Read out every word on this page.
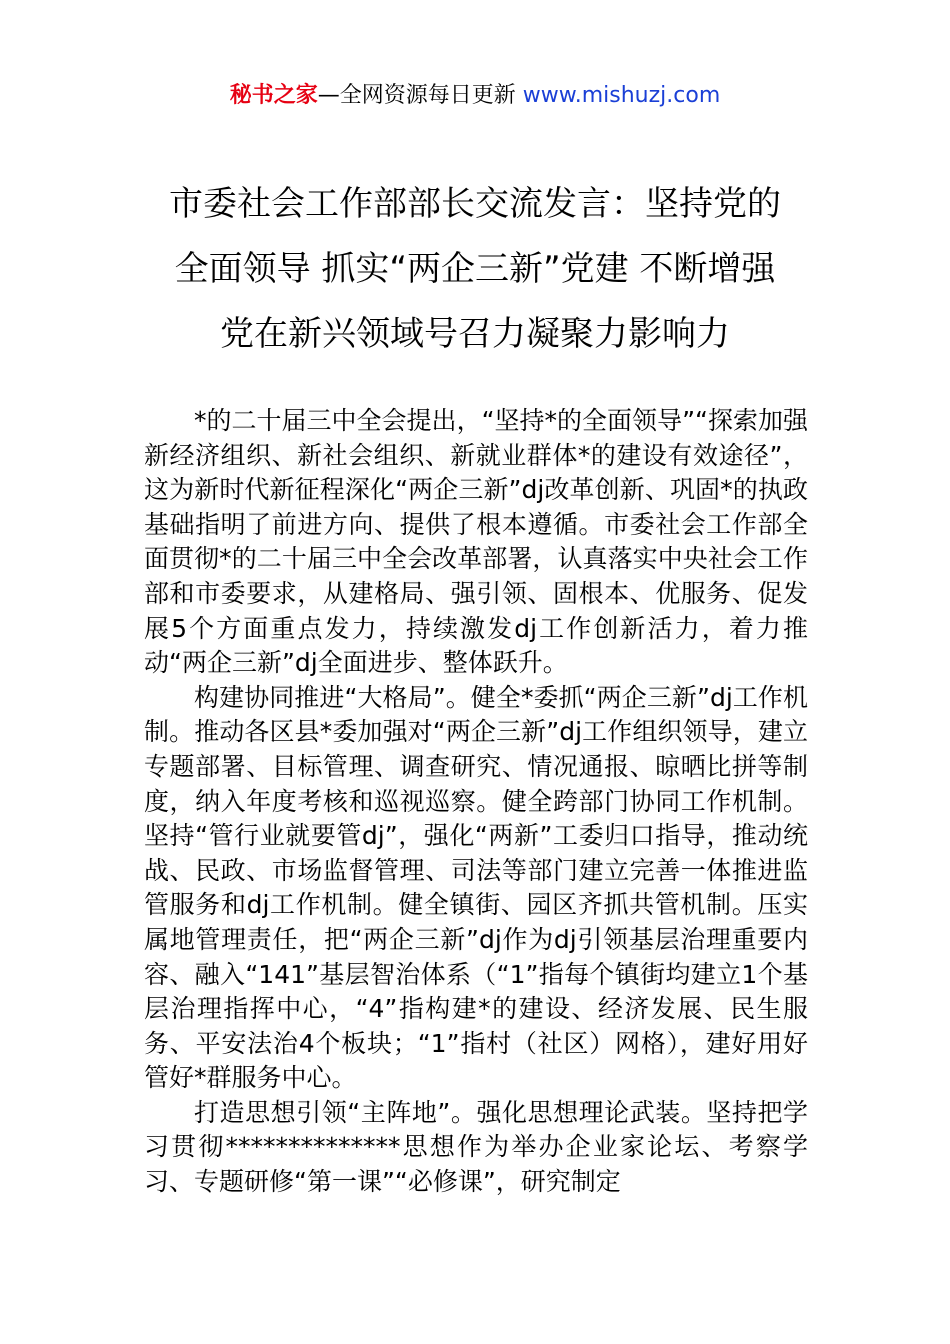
秘书之家—全网资源每日更新 www.mishuzj.com
市委社会工作部部长交流发言：坚持党的
全面领导 抓实“两企三新”党建 不断增强
党在新兴领域号召力凝聚力影响力

*的二十届三中全会提出，“坚持*的全面领导”“探索加强新经济组织、新社会组织、新就业群体*的建设有效途径”，这为新时代新征程深化“两企三新”dj改革创新、巩固*的执政基础指明了前进方向、提供了根本遵循。市委社会工作部全面贯彻*的二十届三中全会改革部署，认真落实中央社会工作部和市委要求，从建格局、强引领、固根本、优服务、促发展5个方面重点发力，持续激发dj工作创新活力，着力推动“两企三新”dj全面进步、整体跃升。

构建协同推进“大格局”。健全*委抓“两企三新”dj工作机制。推动各区县*委加强对“两企三新”dj工作组织领导，建立专题部署、目标管理、调查研究、情况通报、晾晒比拼等制度，纳入年度考核和巡视巡察。健全跨部门协同工作机制。坚持“管行业就要管dj”，强化“两新”工委归口指导，推动统战、民政、市场监督管理、司法等部门建立完善一体推进监管服务和dj工作机制。健全镇街、园区齐抓共管机制。压实属地管理责任，把“两企三新”dj作为dj引领基层治理重要内容、融入“141”基层智治体系（“1”指每个镇街均建立1个基层治理指挥中心，“4”指构建*的建设、经济发展、民生服务、平安法治4个板块；“1”指村（社区）网格），建好用好管好*群服务中心。

打造思想引领“主阵地”。强化思想理论武装。坚持把学习贯彻**************思想作为举办企业家论坛、考察学习、专题研修“第一课”“必修课”，研究制定
